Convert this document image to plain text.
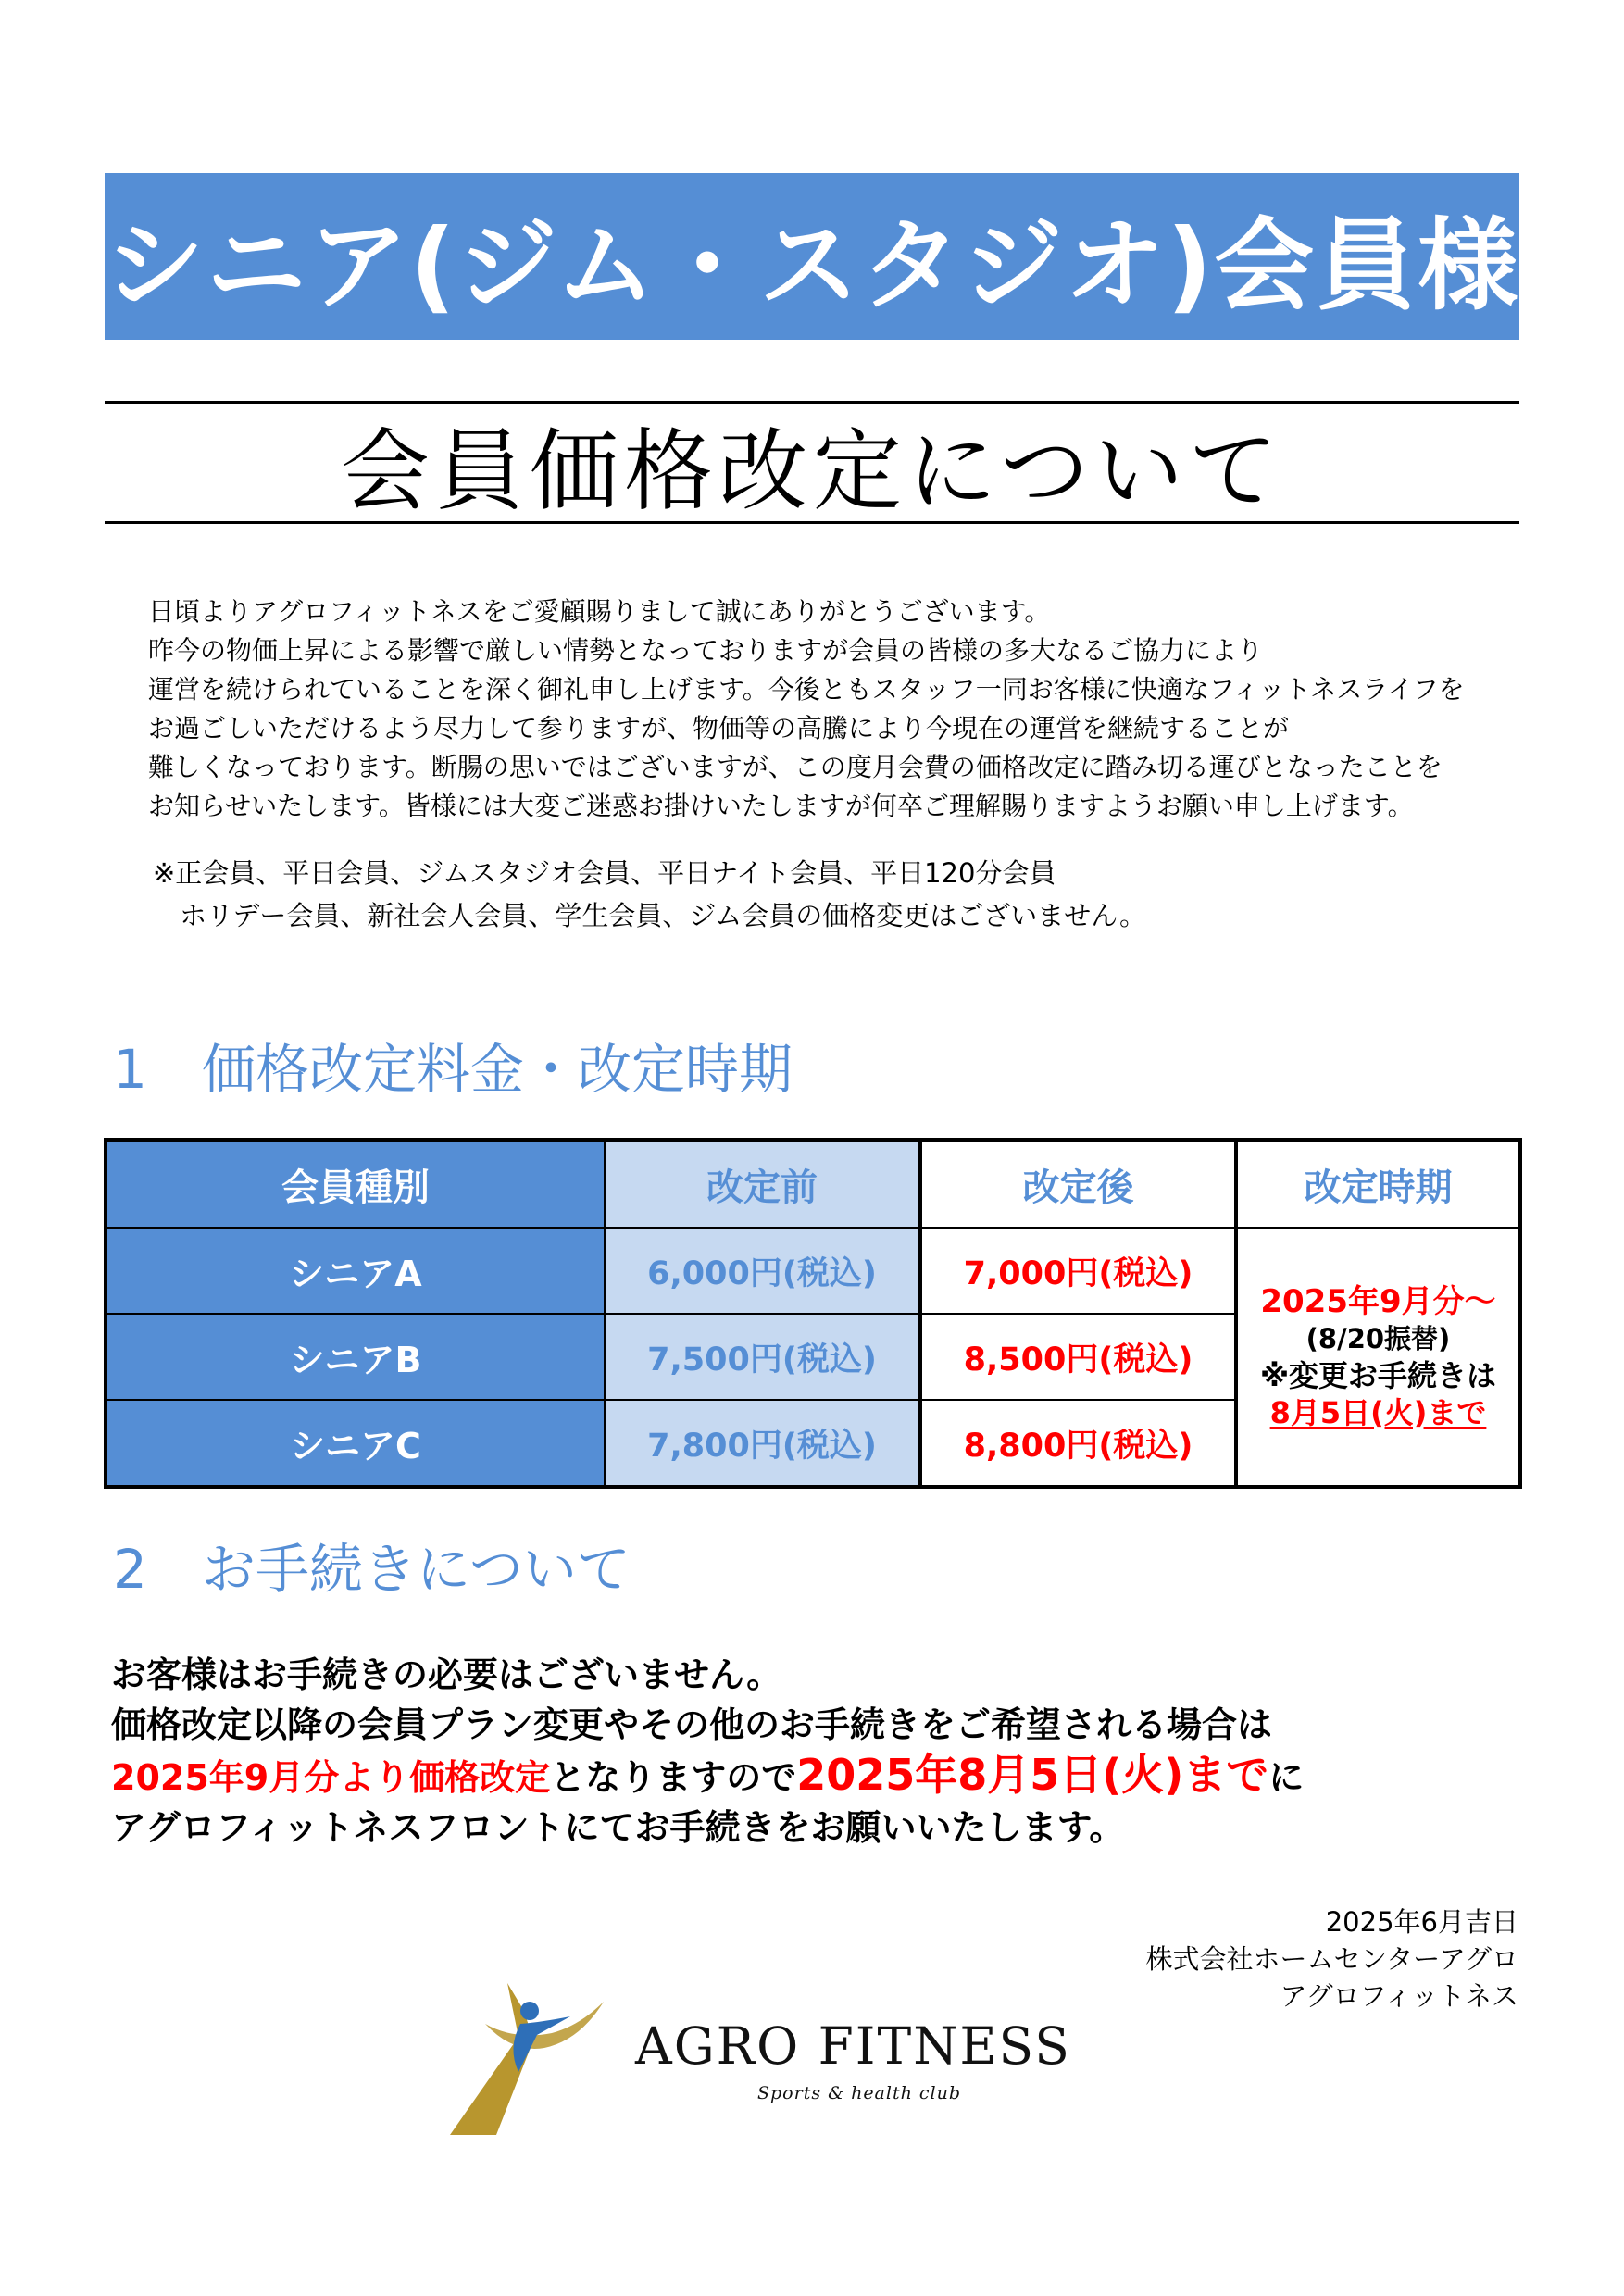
シニア(ジム・スタジオ)会員様
会員価格改定について
日頃よりアグロフィットネスをご愛顧賜りまして誠にありがとうございます。
昨今の物価上昇による影響で厳しい情勢となっておりますが会員の皆様の多大なるご協力により
運営を続けられていることを深く御礼申し上げます。今後ともスタッフ一同お客様に快適なフィットネスライフを
お過ごしいただけるよう尽力して参りますが、物価等の高騰により今現在の運営を継続することが
難しくなっております。断腸の思いではございますが、この度月会費の価格改定に踏み切る運びとなったことを
お知らせいたします。皆様には大変ご迷惑お掛けいたしますが何卒ご理解賜りますようお願い申し上げます。
※正会員、平日会員、ジムスタジオ会員、平日ナイト会員、平日120分会員
　ホリデー会員、新社会人会員、学生会員、ジム会員の価格変更はございません。
1 価格改定料金・改定時期
会員種別	改定前	改定後	改定時期
シニアA	6,000円(税込)	7,000円(税込)	2025年9月分〜
(8/20振替)
※変更お手続きは
8月5日(火)まで

シニアB	7,500円(税込)	8,500円(税込)	
シニアC	7,800円(税込)	8,800円(税込)	
2 お手続きについて
お客様はお手続きの必要はございません。
価格改定以降の会員プラン変更やその他のお手続きをご希望される場合は
2025年9月分より価格改定となりますので2025年8月5日(火)までに
アグロフィットネスフロントにてお手続きをお願いいたします。
2025年6月吉日
株式会社ホームセンターアグロ
アグロフィットネス
AGRO FITNESS
Sports & health club
